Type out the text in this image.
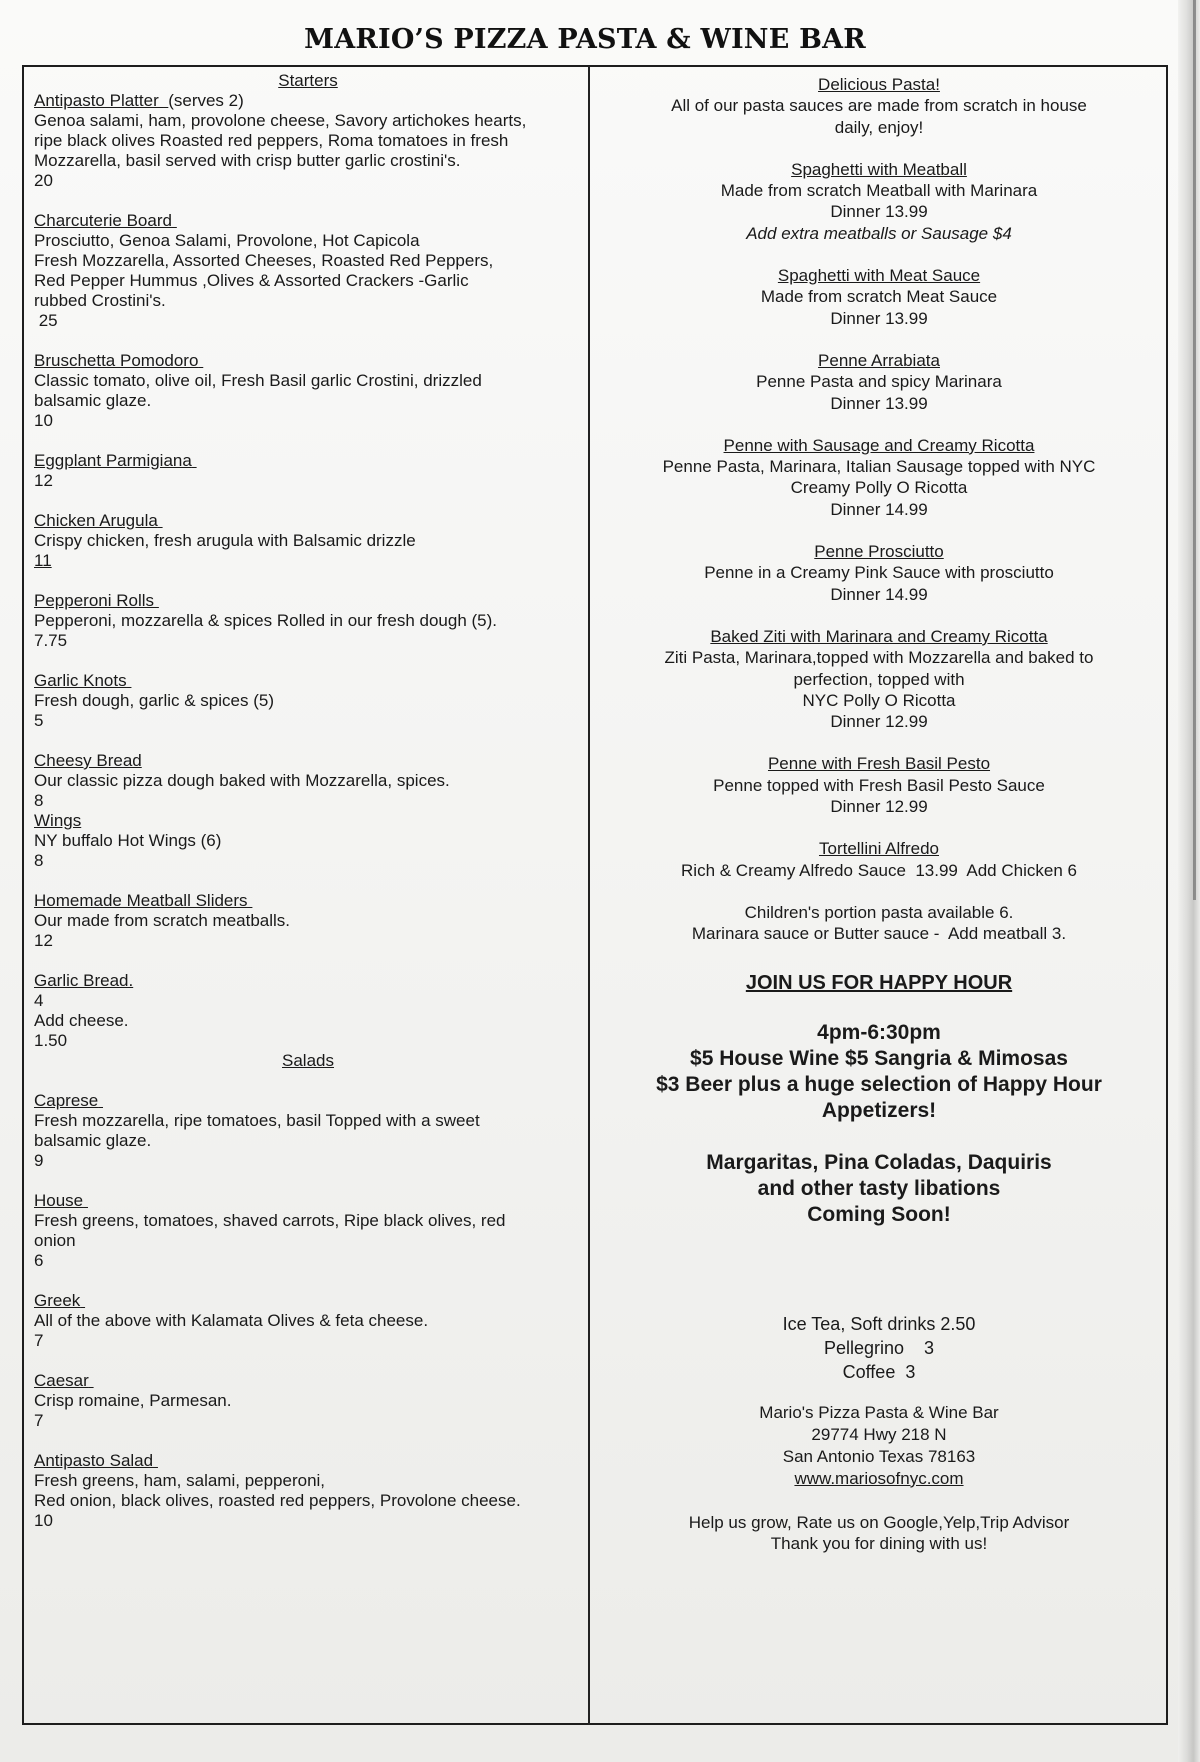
MARIO’S PIZZA PASTA & WINE BAR
Starters
Antipasto Platter (serves 2)
Genoa salami, ham, provolone cheese, Savory artichokes hearts,
ripe black olives Roasted red peppers, Roma tomatoes in fresh
Mozzarella, basil served with crisp butter garlic crostini's.
20
Charcuterie Board
Prosciutto, Genoa Salami, Provolone, Hot Capicola
Fresh Mozzarella, Assorted Cheeses, Roasted Red Peppers,
Red Pepper Hummus ,Olives & Assorted Crackers -Garlic
rubbed Crostini's.
25
Bruschetta Pomodoro
Classic tomato, olive oil, Fresh Basil garlic Crostini, drizzled
balsamic glaze.
10
Eggplant Parmigiana
12
Chicken Arugula
Crispy chicken, fresh arugula with Balsamic drizzle
11
Pepperoni Rolls
Pepperoni, mozzarella & spices Rolled in our fresh dough (5).
7.75
Garlic Knots
Fresh dough, garlic & spices (5)
5
Cheesy Bread
Our classic pizza dough baked with Mozzarella, spices.
8
Wings
NY buffalo Hot Wings (6)
8
Homemade Meatball Sliders
Our made from scratch meatballs.
12
Garlic Bread.
4
Add cheese.
1.50
Salads
Caprese
Fresh mozzarella, ripe tomatoes, basil Topped with a sweet
balsamic glaze.
9
House
Fresh greens, tomatoes, shaved carrots, Ripe black olives, red
onion
6
Greek
All of the above with Kalamata Olives & feta cheese.
7
Caesar
Crisp romaine, Parmesan.
7
Antipasto Salad
Fresh greens, ham, salami, pepperoni,
Red onion, black olives, roasted red peppers, Provolone cheese.
10
Delicious Pasta!
All of our pasta sauces are made from scratch in house
daily, enjoy!
Spaghetti with Meatball
Made from scratch Meatball with Marinara
Dinner 13.99
Add extra meatballs or Sausage $4
Spaghetti with Meat Sauce
Made from scratch Meat Sauce
Dinner 13.99
Penne Arrabiata
Penne Pasta and spicy Marinara
Dinner 13.99
Penne with Sausage and Creamy Ricotta
Penne Pasta, Marinara, Italian Sausage topped with NYC
Creamy Polly O Ricotta
Dinner 14.99
Penne Prosciutto
Penne in a Creamy Pink Sauce with prosciutto
Dinner 14.99
Baked Ziti with Marinara and Creamy Ricotta
Ziti Pasta, Marinara,topped with Mozzarella and baked to
perfection, topped with
NYC Polly O Ricotta
Dinner 12.99
Penne with Fresh Basil Pesto
Penne topped with Fresh Basil Pesto Sauce
Dinner 12.99
Tortellini Alfredo
Rich & Creamy Alfredo Sauce  13.99  Add Chicken 6
Children's portion pasta available 6.
Marinara sauce or Butter sauce -  Add meatball 3.
JOIN US FOR HAPPY HOUR
4pm-6:30pm
$5 House Wine $5 Sangria & Mimosas
$3 Beer plus a huge selection of Happy Hour
Appetizers!
Margaritas, Pina Coladas, Daquiris
and other tasty libations
Coming Soon!
Ice Tea, Soft drinks 2.50
Pellegrino    3
Coffee  3
Mario's Pizza Pasta & Wine Bar
29774 Hwy 218 N
San Antonio Texas 78163
www.mariosofnyc.com
Help us grow, Rate us on Google,Yelp,Trip Advisor
Thank you for dining with us!
